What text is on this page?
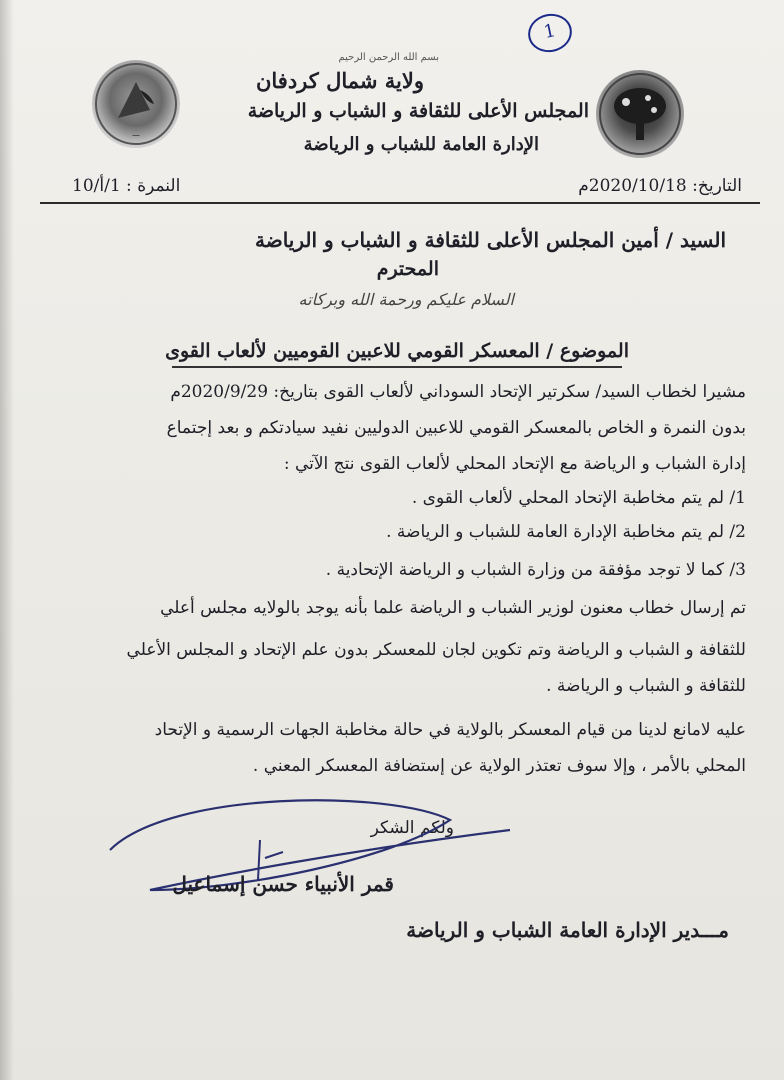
1
ـــ
بسم الله الرحمن الرحيم
ولاية شمال كردفان
المجلس الأعلى للثقافة و الشباب و الرياضة
الإدارة العامة للشباب و الرياضة
التاريخ: 2020/10/18م
النمرة : 1/أ/10
السيد / أمين المجلس الأعلى للثقافة و الشباب و الرياضة
المحترم
السلام عليكم ورحمة الله وبركاته
الموضوع / المعسكر القومي للاعبين القوميين لألعاب القوى
مشيرا لخطاب السيد/ سكرتير الإتحاد السوداني لألعاب القوى بتاريخ: 2020/9/29م
بدون النمرة و الخاص بالمعسكر القومي للاعبين الدوليين نفيد سيادتكم و بعد إجتماع
إدارة الشباب و الرياضة مع الإتحاد المحلي لألعاب القوى نتج الآتي :
1/ لم يتم مخاطبة الإتحاد المحلي لألعاب القوى .
2/ لم يتم مخاطبة الإدارة العامة للشباب و الرياضة .
3/ كما لا توجد مؤفقة من وزارة الشباب و الرياضة الإتحادية .
تم إرسال خطاب معنون لوزير الشباب و الرياضة علما بأنه يوجد بالولايه مجلس أعلي
للثقافة و الشباب و الرياضة وتم تكوين لجان للمعسكر بدون علم الإتحاد و المجلس الأعلي
للثقافة و الشباب و الرياضة .
عليه لامانع لدينا من قيام المعسكر بالولاية في حالة مخاطبة الجهات الرسمية و الإتحاد
المحلي بالأمر ، وإلا سوف تعتذر الولاية عن إستضافة المعسكر المعني .
ولكم الشكر
قمر الأنبياء حسن إسماعيل
مـــدير الإدارة العامة الشباب و الرياضة
